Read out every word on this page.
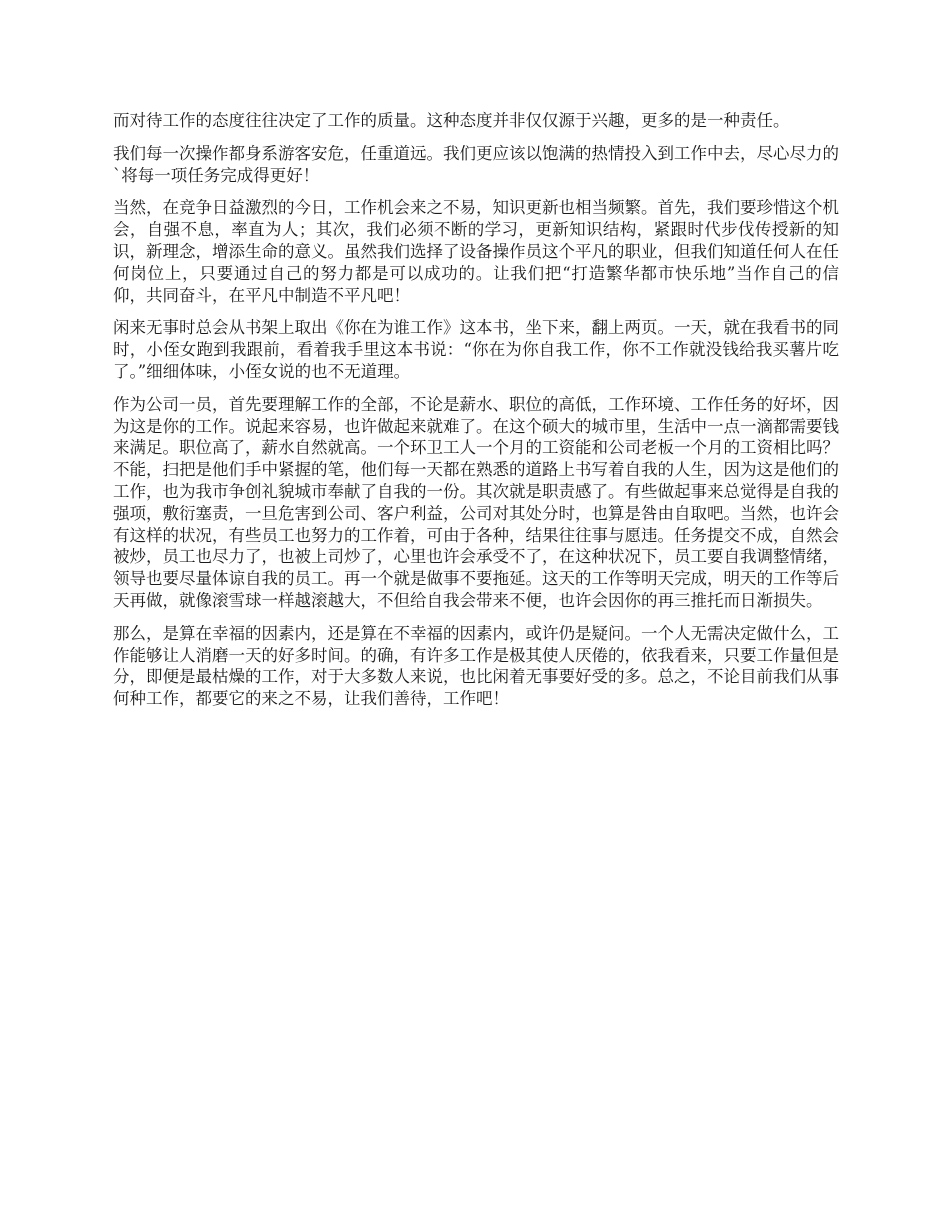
而对待工作的态度往往决定了工作的质量。这种态度并非仅仅源于兴趣，更多的是一种责任。

我们每一次操作都身系游客安危，任重道远。我们更应该以饱满的热情投入到工作中去，尽心尽力的`将每一项任务完成得更好！

当然，在竞争日益激烈的今日，工作机会来之不易，知识更新也相当频繁。首先，我们要珍惜这个机会，自强不息，率直为人；其次，我们必须不断的学习，更新知识结构，紧跟时代步伐传授新的知识，新理念，增添生命的意义。虽然我们选择了设备操作员这个平凡的职业，但我们知道任何人在任何岗位上，只要通过自己的努力都是可以成功的。让我们把“打造繁华都市快乐地”当作自己的信仰，共同奋斗，在平凡中制造不平凡吧！

闲来无事时总会从书架上取出《你在为谁工作》这本书，坐下来，翻上两页。一天，就在我看书的同时，小侄女跑到我跟前，看着我手里这本书说：“你在为你自我工作，你不工作就没钱给我买薯片吃了。”细细体味，小侄女说的也不无道理。

作为公司一员，首先要理解工作的全部，不论是薪水、职位的高低，工作环境、工作任务的好坏，因为这是你的工作。说起来容易，也许做起来就难了。在这个硕大的城市里，生活中一点一滴都需要钱来满足。职位高了，薪水自然就高。一个环卫工人一个月的工资能和公司老板一个月的工资相比吗？不能，扫把是他们手中紧握的笔，他们每一天都在熟悉的道路上书写着自我的人生，因为这是他们的工作，也为我市争创礼貌城市奉献了自我的一份。其次就是职责感了。有些做起事来总觉得是自我的强项，敷衍塞责，一旦危害到公司、客户利益，公司对其处分时，也算是咎由自取吧。当然，也许会有这样的状况，有些员工也努力的工作着，可由于各种，结果往往事与愿违。任务提交不成，自然会被炒，员工也尽力了，也被上司炒了，心里也许会承受不了，在这种状况下，员工要自我调整情绪，领导也要尽量体谅自我的员工。再一个就是做事不要拖延。这天的工作等明天完成，明天的工作等后天再做，就像滚雪球一样越滚越大，不但给自我会带来不便，也许会因你的再三推托而日渐损失。

那么，是算在幸福的因素内，还是算在不幸福的因素内，或许仍是疑问。一个人无需决定做什么，工作能够让人消磨一天的好多时间。的确，有许多工作是极其使人厌倦的，依我看来，只要工作量但是分，即便是最枯燥的工作，对于大多数人来说，也比闲着无事要好受的多。总之，不论目前我们从事何种工作，都要它的来之不易，让我们善待，工作吧！
